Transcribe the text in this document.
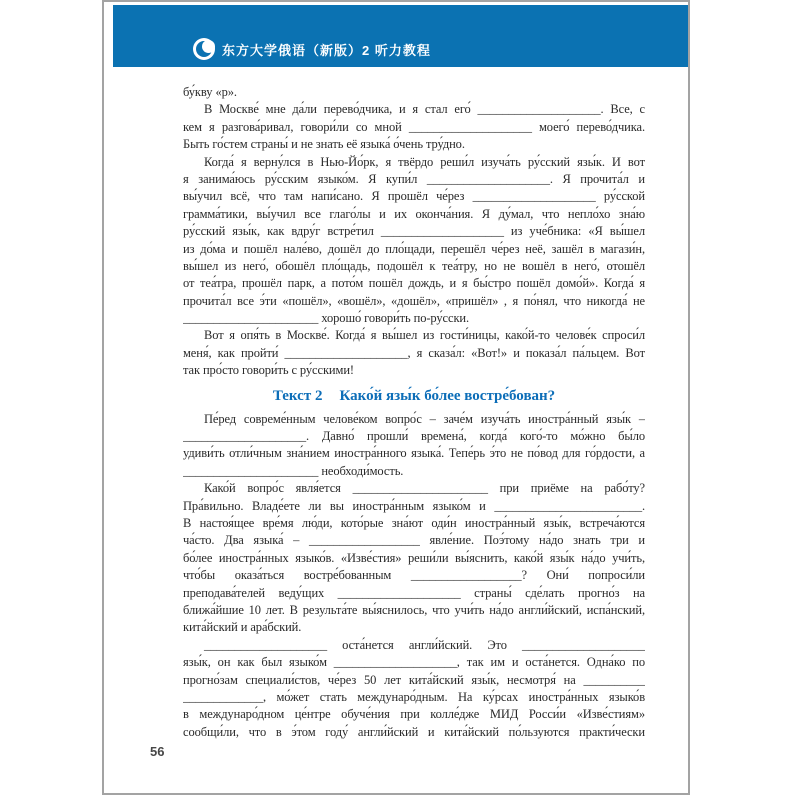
东方大学俄语（新版）2 听力教程
бу́кву «р».
В Москве́ мне да́ли перево́дчика, и я стал его́ ____________________. Все, с
кем я разгова́ривал, говори́ли со мной ____________________ моего́ перево́дчика.
Быть го́стем страны́ и не знать её языка́ о́чень тру́дно.
Когда́ я верну́лся в Нью-Йо́рк, я твёрдо реши́л изуча́ть ру́сский язы́к. И вот
я занима́юсь ру́сским языко́м. Я купи́л ____________________. Я прочита́л и
вы́учил всё, что там напи́сано. Я прошёл че́рез ____________________ ру́сской
грамма́тики, вы́учил все глаго́лы и их оконча́ния. Я ду́мал, что непло́хо зна́ю
ру́сский язы́к, как вдру́г встре́тил ____________________ из уче́бника: «Я вы́шел
из до́ма и пошёл нале́во, дошёл до пло́щади, перешёл че́рез неё, зашёл в магази́н,
вы́шел из него́, обошёл пло́щадь, подошёл к теа́тру, но не вошёл в него́, отошёл
от теа́тра, прошёл парк, а пото́м пошёл дождь, и я бы́стро пошёл домо́й». Когда́ я
прочита́л все э́ти «пошёл», «вошёл», «дошёл», «пришёл» , я по́нял, что никогда́ не
______________________ хорошо́ говори́ть по-ру́сски.
Вот я опя́ть в Москве́. Когда́ я вы́шел из гости́ницы, како́й-то челове́к спроси́л
меня́, как пройти́ ____________________, я сказа́л: «Вот!» и показа́л па́льцем. Вот
так про́сто говори́ть с ру́сскими!
Текст 2 Како́й язы́к бо́лее востре́бован?
Пе́ред совреме́нным челове́ком вопро́с – заче́м изуча́ть иностра́нный язы́к –
____________________. Давно́ прошли́ времена́, когда́ кого́-то мо́жно бы́ло
удиви́ть отли́чным зна́нием иностра́нного языка́. Тепе́рь э́то не по́вод для го́рдости, а
______________________ необходи́мость.
Како́й вопро́с явля́ется ______________________ при приёме на рабо́ту?
Пра́вильно. Владе́ете ли вы иностра́нным языко́м и ________________________.
В настоя́щее вре́мя лю́ди, кото́рые зна́ют оди́н иностра́нный язы́к, встреча́ются
ча́сто. Два языка́ – __________________ явле́ние. Поэ́тому на́до знать три и
бо́лее иностра́нных языко́в. «Изве́стия» реши́ли вы́яснить, како́й язы́к на́до учи́ть,
что́бы оказа́ться востре́бованным __________________? Они́ попроси́ли
преподава́телей веду́щих ____________________ страны́ сде́лать прогно́з на
ближа́йшие 10 лет. В результа́те вы́яснилось, что учи́ть на́до англи́йский, испа́нский,
кита́йский и ара́бский.
____________________ оста́нется англи́йский. Это ____________________
язы́к, он как был языко́м ____________________, так им и оста́нется. Одна́ко по
прогно́зам специали́стов, че́рез 50 лет кита́йский язы́к, несмотря́ на __________
_____________, мо́жет стать междунаро́дным. На ку́рсах иностра́нных языко́в
в междунаро́дном це́нтре обуче́ния при колле́дже МИД Росси́и «Изве́стиям»
сообщи́ли, что в э́том году́ англи́йский и кита́йский по́льзуются практи́чески
56
